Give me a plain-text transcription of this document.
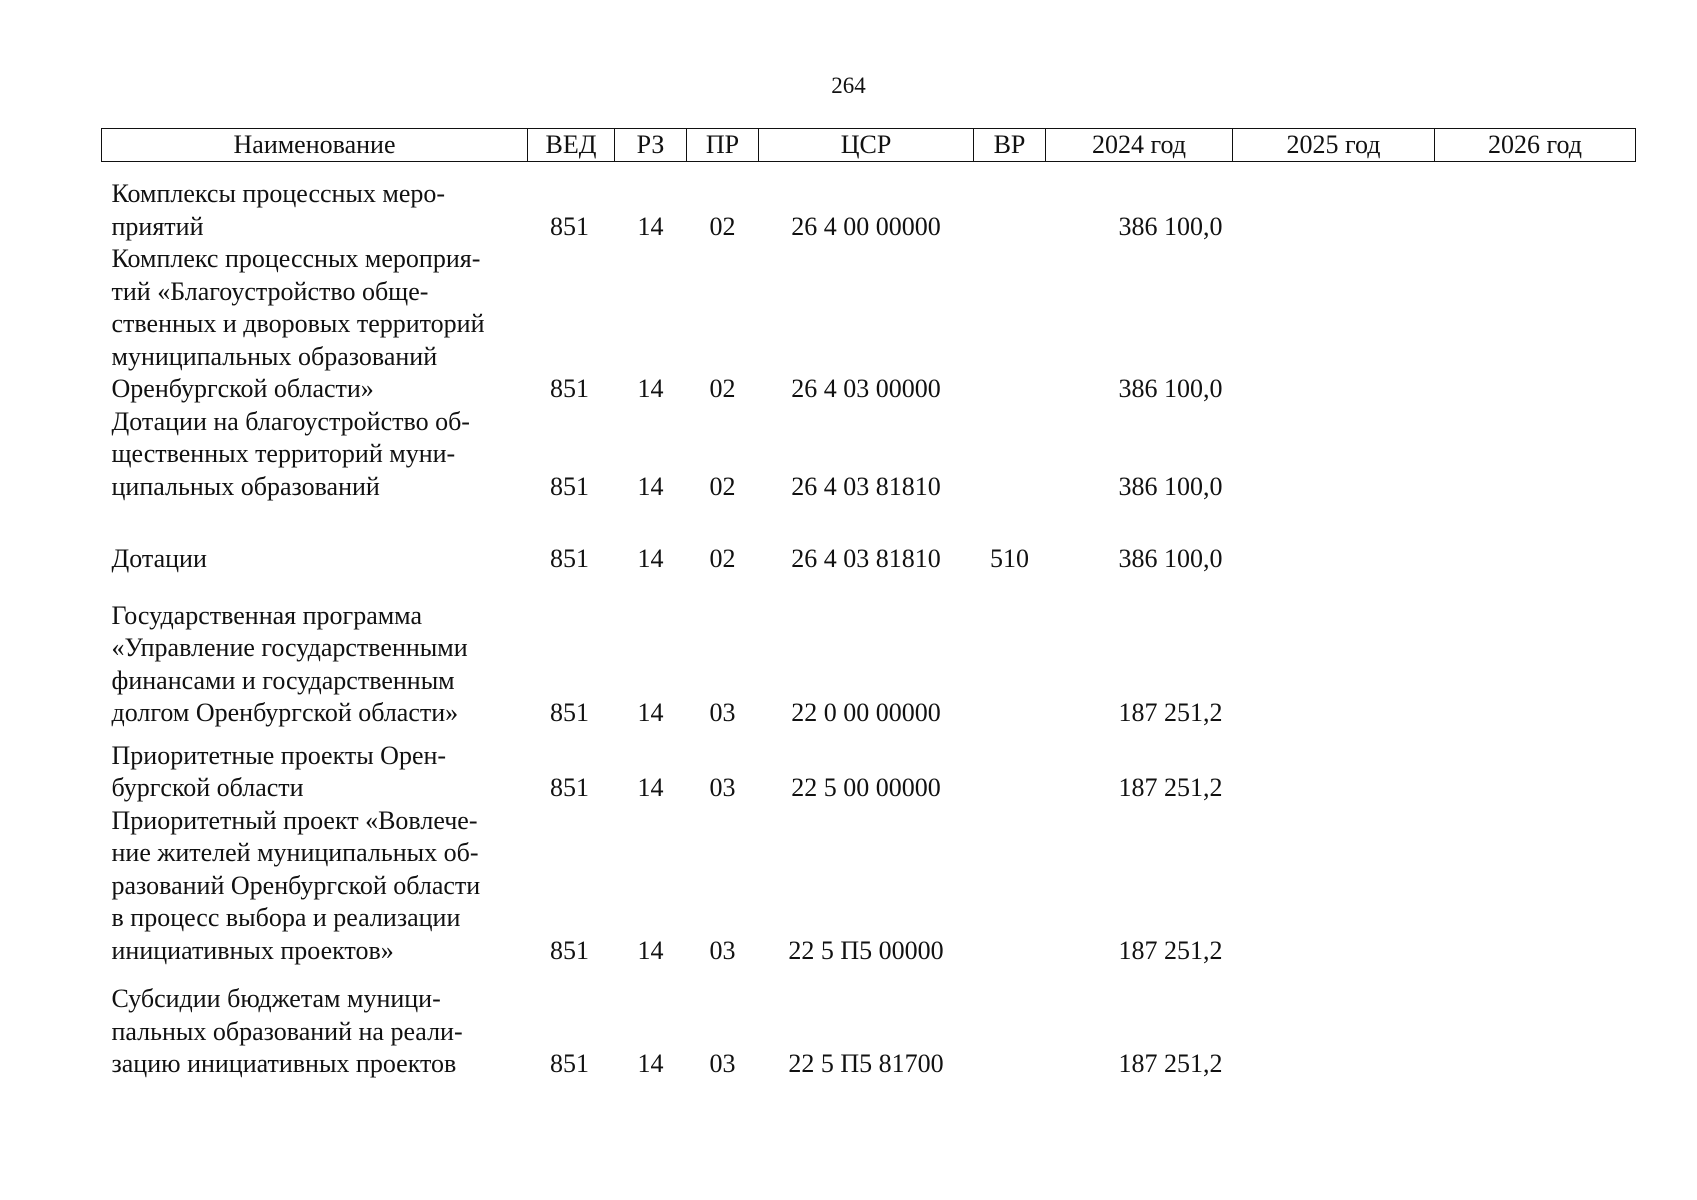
264
Наименование	ВЕД	РЗ	ПР	ЦСР	ВР	2024 год	2025 год	2026 год

Комплексы процессных меро-
приятий	851	14	02	26 4 00 00000		386 100,0		

Комплекс процессных мероприя-
тий «Благоустройство обще-
ственных и дворовых территорий
муниципальных образований
Оренбургской области»	851	14	02	26 4 03 00000		386 100,0		

Дотации на благоустройство об-
щественных территорий муни-
ципальных образований	851	14	02	26 4 03 81810		386 100,0		

Дотации	851	14	02	26 4 03 81810	510	386 100,0		

Государственная программа
«Управление государственными
финансами и государственным
долгом Оренбургской области»	851	14	03	22 0 00 00000		187 251,2		

Приоритетные проекты Орен-
бургской области	851	14	03	22 5 00 00000		187 251,2		

Приоритетный проект «Вовлече-
ние жителей муниципальных об-
разований Оренбургской области
в процесс выбора и реализации
инициативных проектов»	851	14	03	22 5 П5 00000		187 251,2		

Субсидии бюджетам муници-
пальных образований на реали-
зацию инициативных проектов	851	14	03	22 5 П5 81700		187 251,2		
